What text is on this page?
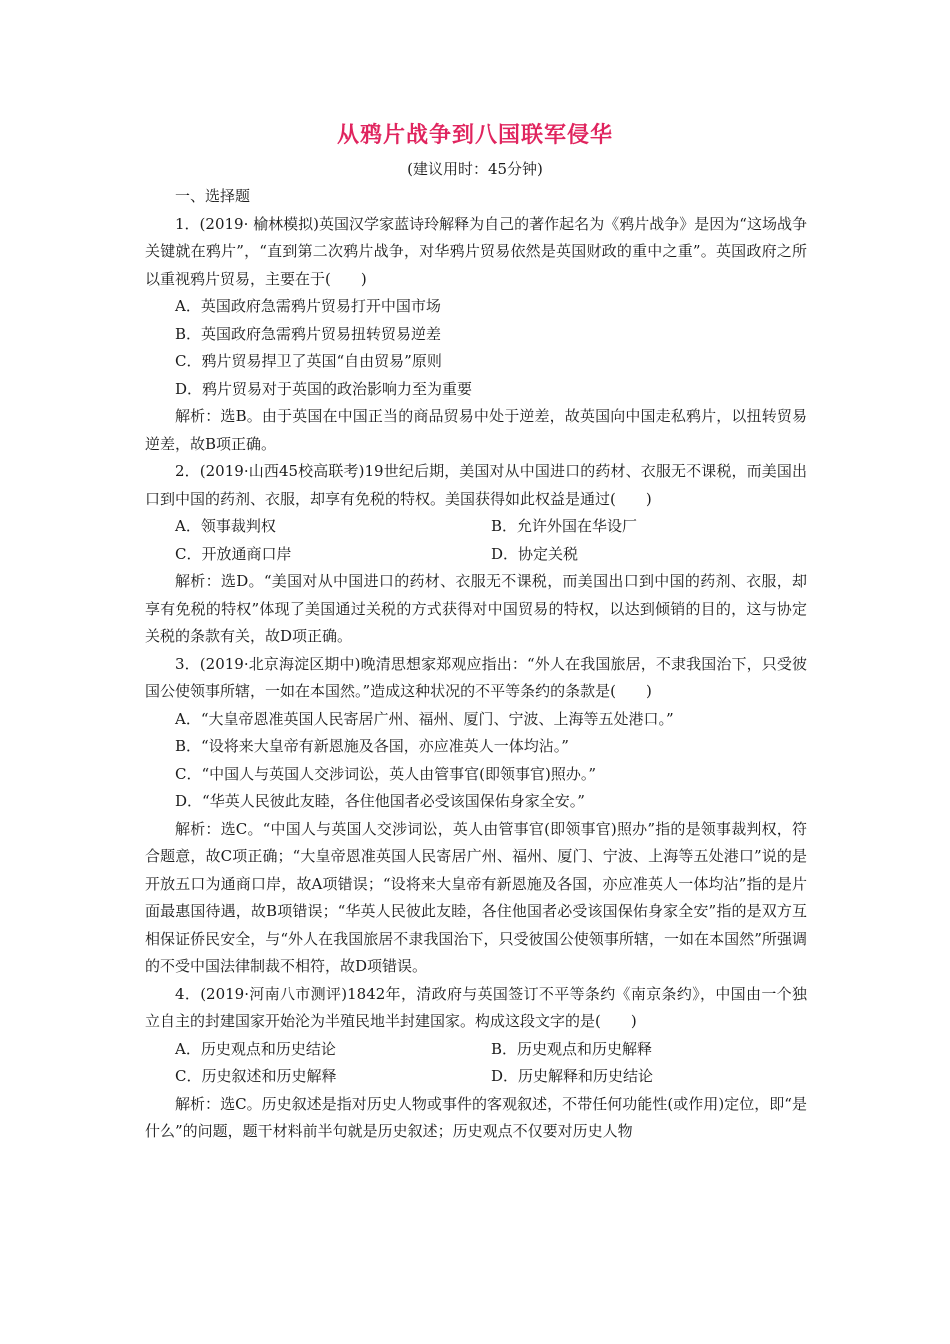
从鸦片战争到八国联军侵华
(建议用时：45分钟)

一、选择题

1．(2019· 榆林模拟)英国汉学家蓝诗玲解释为自己的著作起名为《鸦片战争》是因为“这场战争关键就在鸦片”，“直到第二次鸦片战争，对华鸦片贸易依然是英国财政的重中之重”。英国政府之所以重视鸦片贸易，主要在于(　　)

A．英国政府急需鸦片贸易打开中国市场

B．英国政府急需鸦片贸易扭转贸易逆差

C．鸦片贸易捍卫了英国“自由贸易”原则

D．鸦片贸易对于英国的政治影响力至为重要

解析：选B。由于英国在中国正当的商品贸易中处于逆差，故英国向中国走私鸦片，以扭转贸易逆差，故B项正确。

2．(2019·山西45校高联考)19世纪后期，美国对从中国进口的药材、衣服无不课税，而美国出口到中国的药剂、衣服，却享有免税的特权。美国获得如此权益是通过(　　)

A．领事裁判权	B．允许外国在华设厂
C．开放通商口岸	D．协定关税

解析：选D。“美国对从中国进口的药材、衣服无不课税，而美国出口到中国的药剂、衣服，却享有免税的特权”体现了美国通过关税的方式获得对中国贸易的特权，以达到倾销的目的，这与协定关税的条款有关，故D项正确。

3．(2019·北京海淀区期中)晚清思想家郑观应指出：“外人在我国旅居，不隶我国治下，只受彼国公使领事所辖，一如在本国然。”造成这种状况的不平等条约的条款是(　　)

A．“大皇帝恩准英国人民寄居广州、福州、厦门、宁波、上海等五处港口。”

B．“设将来大皇帝有新恩施及各国，亦应准英人一体均沾。”

C．“中国人与英国人交涉词讼，英人由管事官(即领事官)照办。”

D．“华英人民彼此友睦，各住他国者必受该国保佑身家全安。”

解析：选C。“中国人与英国人交涉词讼，英人由管事官(即领事官)照办”指的是领事裁判权，符合题意，故C项正确；“大皇帝恩准英国人民寄居广州、福州、厦门、宁波、上海等五处港口”说的是开放五口为通商口岸，故A项错误；“设将来大皇帝有新恩施及各国，亦应准英人一体均沾”指的是片面最惠国待遇，故B项错误；“华英人民彼此友睦，各住他国者必受该国保佑身家全安”指的是双方互相保证侨民安全，与“外人在我国旅居不隶我国治下，只受彼国公使领事所辖，一如在本国然”所强调的不受中国法律制裁不相符，故D项错误。

4．(2019·河南八市测评)1842年，清政府与英国签订不平等条约《南京条约》，中国由一个独立自主的封建国家开始沦为半殖民地半封建国家。构成这段文字的是(　　)

A．历史观点和历史结论	B．历史观点和历史解释
C．历史叙述和历史解释	D．历史解释和历史结论

解析：选C。历史叙述是指对历史人物或事件的客观叙述，不带任何功能性(或作用)定位，即“是什么”的问题，题干材料前半句就是历史叙述；历史观点不仅要对历史人物
